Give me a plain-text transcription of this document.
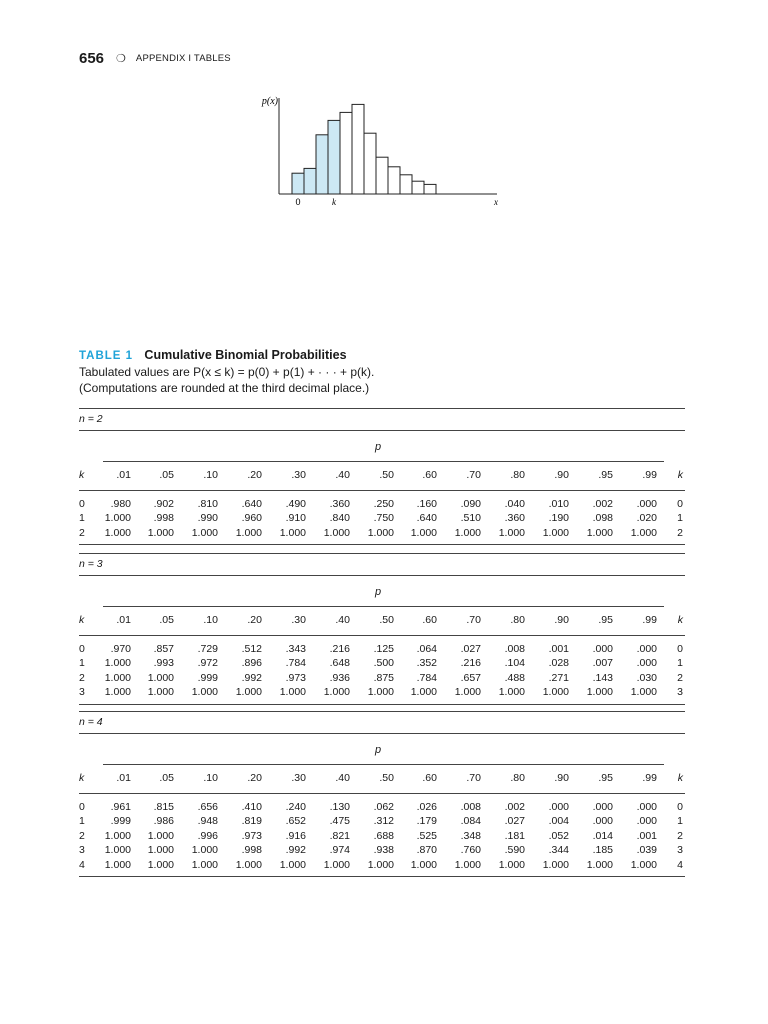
656 ❍ APPENDIX I TABLES
p(x)
0	k	x
TABLE 1 Cumulative Binomial Probabilities
Tabulated values are P(x ≤ k) = p(0) + p(1) + · · · + p(k).
(Computations are rounded at the third decimal place.)
n = 2
p
k	.01	.05	.10	.20	.30	.40	.50	.60	.70	.80	.90	.95	.99 k
0	.980	.902	.810	.640	.490	.360	.250	.160	.090	.040	.010	.002	.000 0
1	1.000	.998	.990	.960	.910	.840	.750	.640	.510	.360	.190	.098	.020 1
2	1.000	1.000	1.000	1.000	1.000	1.000	1.000	1.000	1.000	1.000	1.000	1.000	1.000 2
n = 3
p
k	.01	.05	.10	.20	.30	.40	.50	.60	.70	.80	.90	.95	.99 k
0	.970	.857	.729	.512	.343	.216	.125	.064	.027	.008	.001	.000	.000 0
1	1.000	.993	.972	.896	.784	.648	.500	.352	.216	.104	.028	.007	.000 1
2	1.000	1.000	.999	.992	.973	.936	.875	.784	.657	.488	.271	.143	.030 2
3	1.000	1.000	1.000	1.000	1.000	1.000	1.000	1.000	1.000	1.000	1.000	1.000	1.000 3
n = 4
p
k	.01	.05	.10	.20	.30	.40	.50	.60	.70	.80	.90	.95	.99 k
0	.961	.815	.656	.410	.240	.130	.062	.026	.008	.002	.000	.000	.000 0
1	.999	.986	.948	.819	.652	.475	.312	.179	.084	.027	.004	.000	.000 1
2	1.000	1.000	.996	.973	.916	.821	.688	.525	.348	.181	.052	.014	.001 2
3	1.000	1.000	1.000	.998	.992	.974	.938	.870	.760	.590	.344	.185	.039 3
4	1.000	1.000	1.000	1.000	1.000	1.000	1.000	1.000	1.000	1.000	1.000	1.000	1.000 4
